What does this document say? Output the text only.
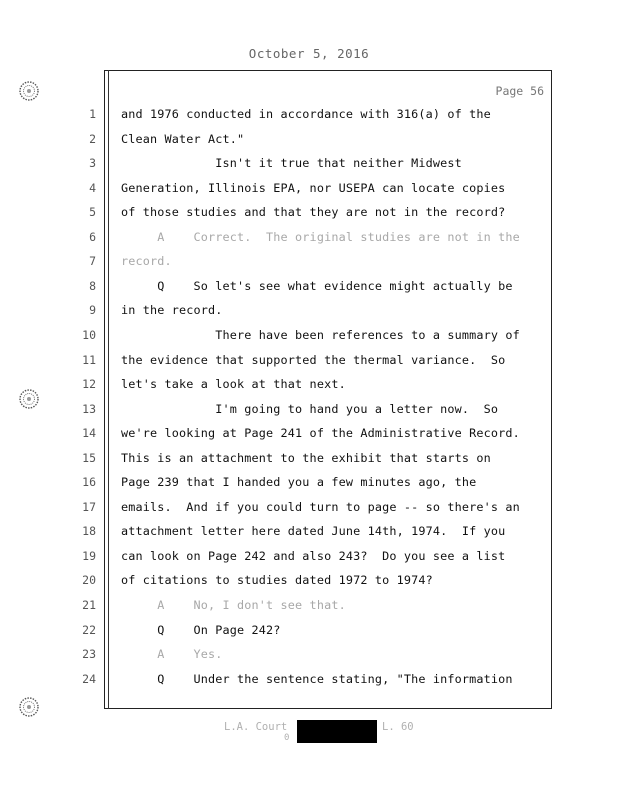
October 5, 2016
Page 56
1 and 1976 conducted in accordance with 316(a) of the
2 Clean Water Act."
3 Isn't it true that neither Midwest
4 Generation, Illinois EPA, nor USEPA can locate copies
5 of those studies and that they are not in the record?
6 A    Correct.  The original studies are not in the
7 record.
8 Q    So let's see what evidence might actually be
9 in the record.
10 There have been references to a summary of
11 the evidence that supported the thermal variance.  So
12 let's take a look at that next.
13 I'm going to hand you a letter now.  So
14 we're looking at Page 241 of the Administrative Record.
15 This is an attachment to the exhibit that starts on
16 Page 239 that I handed you a few minutes ago, the
17 emails.  And if you could turn to page -- so there's an
18 attachment letter here dated June 14th, 1974.  If you
19 can look on Page 242 and also 243?  Do you see a list
20 of citations to studies dated 1972 to 1974?
21 A    No, I don't see that.
22 Q    On Page 242?
23 A    Yes.
24 Q    Under the sentence stating, "The information
L.A. Court	L. 60
0
